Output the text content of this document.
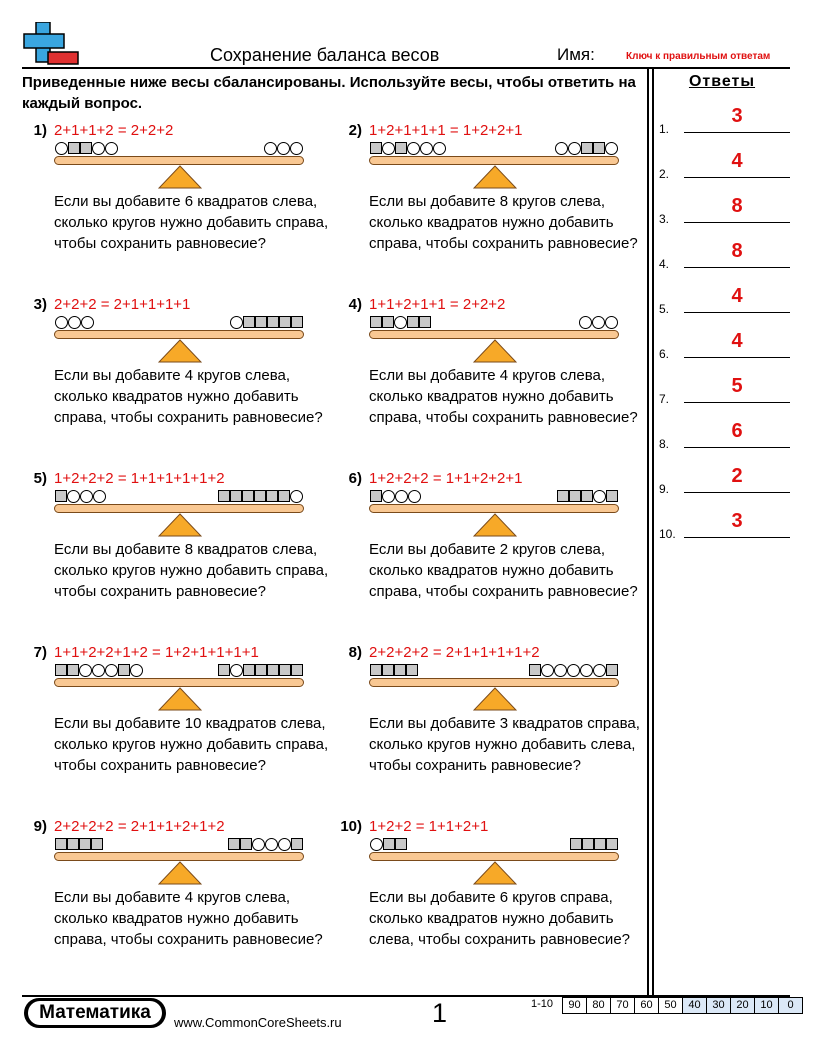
Сохранение баланса весов	Имя:	Ключ к правильным ответам
Приведенные ниже весы сбалансированы. Используйте весы, чтобы ответить на каждый вопрос.
Ответы
1.
3
2.
4
3.
8
4.
8
5.
4
6.
4
7.
5
8.
6
9.
2
10.
3
1) 2+1+1+2 = 2+2+2
Если вы добавите 6 квадратов слева, сколько кругов нужно добавить справа, чтобы сохранить равновесие?
2) 1+2+1+1+1 = 1+2+2+1
Если вы добавите 8 кругов слева, сколько квадратов нужно добавить справа, чтобы сохранить равновесие?
3) 2+2+2 = 2+1+1+1+1
Если вы добавите 4 кругов слева, сколько квадратов нужно добавить справа, чтобы сохранить равновесие?
4) 1+1+2+1+1 = 2+2+2
Если вы добавите 4 кругов слева, сколько квадратов нужно добавить справа, чтобы сохранить равновесие?
5) 1+2+2+2 = 1+1+1+1+1+2
Если вы добавите 8 квадратов слева, сколько кругов нужно добавить справа, чтобы сохранить равновесие?
6) 1+2+2+2 = 1+1+2+2+1
Если вы добавите 2 кругов слева, сколько квадратов нужно добавить справа, чтобы сохранить равновесие?
7) 1+1+2+2+1+2 = 1+2+1+1+1+1
Если вы добавите 10 квадратов слева, сколько кругов нужно добавить справа, чтобы сохранить равновесие?
8) 2+2+2+2 = 2+1+1+1+1+2
Если вы добавите 3 квадратов справа, сколько кругов нужно добавить слева, чтобы сохранить равновесие?
9) 2+2+2+2 = 2+1+1+2+1+2
Если вы добавите 4 кругов слева, сколько квадратов нужно добавить справа, чтобы сохранить равновесие?
10) 1+2+2 = 1+1+2+1
Если вы добавите 6 кругов справа, сколько квадратов нужно добавить слева, чтобы сохранить равновесие?
Математика	www.CommonCoreSheets.ru	1	1-10	90	80	70	60	50	40	30	20	10	0
